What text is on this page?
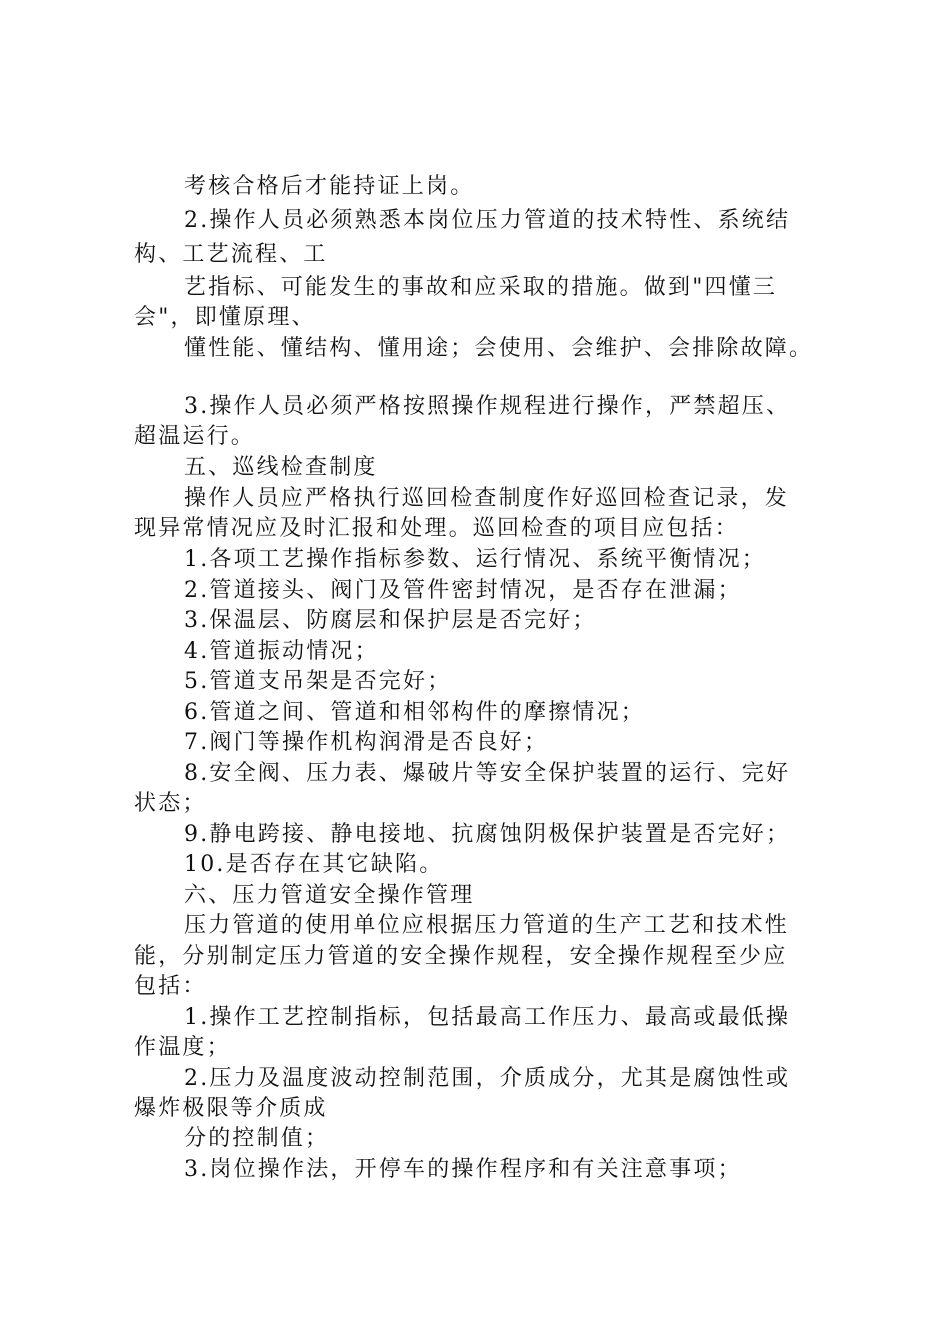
考核合格后才能持证上岗。
2.操作人员必须熟悉本岗位压力管道的技术特性、系统结
构、工艺流程、工
艺指标、可能发生的事故和应采取的措施。做到"四懂三
会"，即懂原理、
懂性能、懂结构、懂用途；会使用、会维护、会排除故障。
3.操作人员必须严格按照操作规程进行操作，严禁超压、
超温运行。
五、巡线检查制度
操作人员应严格执行巡回检查制度作好巡回检查记录，发
现异常情况应及时汇报和处理。巡回检查的项目应包括：
1.各项工艺操作指标参数、运行情况、系统平衡情况；
2.管道接头、阀门及管件密封情况，是否存在泄漏；
3.保温层、防腐层和保护层是否完好；
4.管道振动情况；
5.管道支吊架是否完好；
6.管道之间、管道和相邻构件的摩擦情况；
7.阀门等操作机构润滑是否良好；
8.安全阀、压力表、爆破片等安全保护装置的运行、完好
状态；
9.静电跨接、静电接地、抗腐蚀阴极保护装置是否完好；
10.是否存在其它缺陷。
六、压力管道安全操作管理
压力管道的使用单位应根据压力管道的生产工艺和技术性
能，分别制定压力管道的安全操作规程，安全操作规程至少应
包括：
1.操作工艺控制指标，包括最高工作压力、最高或最低操
作温度；
2.压力及温度波动控制范围，介质成分，尤其是腐蚀性或
爆炸极限等介质成
分的控制值；
3.岗位操作法，开停车的操作程序和有关注意事项；
